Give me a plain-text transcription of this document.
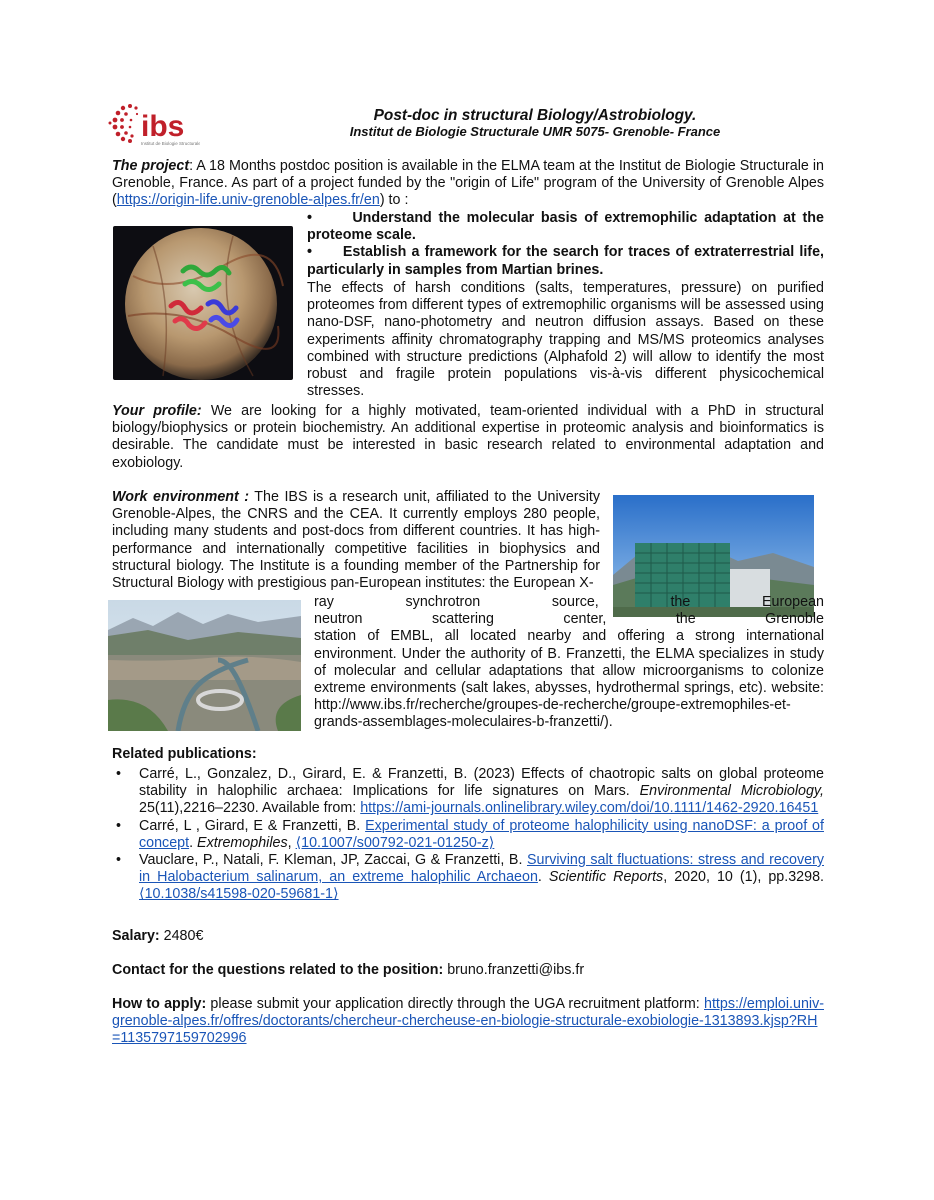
ibs
Institut de Biologie Structurale
Post-doc in structural Biology/Astrobiology.
Institut de Biologie Structurale UMR 5075- Grenoble- France
The project: A 18 Months postdoc position is available in the ELMA team at the Institut de Biologie Structurale in Grenoble, France. As part of a project funded by the "origin of Life" program of the University of Grenoble Alpes (https://origin-life.univ-grenoble-alpes.fr/en) to :
•	Understand the molecular basis of extremophilic adaptation at the proteome scale.
• Establish a framework for the search for traces of extraterrestrial life, particularly in samples from Martian brines.
The effects of harsh conditions (salts, temperatures, pressure) on purified proteomes from different types of extremophilic organisms will be assessed using nano-DSF, nano-photometry and neutron diffusion assays. Based on these experiments affinity chromatography trapping and MS/MS proteomics analyses combined with structure predictions (Alphafold 2) will allow to identify the most robust and fragile protein populations vis-à-vis different physicochemical stresses.
Your profile: We are looking for a highly motivated, team-oriented individual with a PhD in structural biology/biophysics or protein biochemistry. An additional expertise in proteomic analysis and bioinformatics is desirable. The candidate must be interested in basic research related to environmental adaptation and exobiology.
Work environment : The IBS is a research unit, affiliated to the University Grenoble-Alpes, the CNRS and the CEA. It currently employs 280 people, including many students and post-docs from different countries. It has high-performance and internationally competitive facilities in biophysics and structural biology. The Institute is a founding member of the Partnership for Structural Biology with prestigious pan-European institutes: the European X-
ray synchrotron source, the European
neutron scattering center, the Grenoble
station of EMBL, all located nearby and offering a strong international
environment. Under the authority of B. Franzetti, the ELMA specializes in study
of molecular and cellular adaptations that allow microorganisms to colonize
extreme environments (salt lakes, abysses, hydrothermal springs, etc). website:
http://www.ibs.fr/recherche/groupes-de-recherche/groupe-extremophiles-et-
grands-assemblages-moleculaires-b-franzetti/).
Related publications:
• Carré, L., Gonzalez, D., Girard, E. & Franzetti, B. (2023) Effects of chaotropic salts on global proteome stability in halophilic archaea: Implications for life signatures on Mars. Environmental Microbiology, 25(11),2216–2230. Available from: https://ami-journals.onlinelibrary.wiley.com/doi/10.1111/1462-2920.16451
• Carré, L , Girard, E & Franzetti, B. Experimental study of proteome halophilicity using nanoDSF: a proof of concept. Extremophiles, ⟨10.1007/s00792-021-01250-z⟩
• Vauclare, P., Natali, F. Kleman, JP, Zaccai, G & Franzetti, B. Surviving salt fluctuations: stress and recovery in Halobacterium salinarum, an extreme halophilic Archaeon. Scientific Reports, 2020, 10 (1), pp.3298. ⟨10.1038/s41598-020-59681-1⟩
Salary: 2480€
Contact for the questions related to the position: bruno.franzetti@ibs.fr
How to apply: please submit your application directly through the UGA recruitment platform: https://emploi.univ-grenoble-alpes.fr/offres/doctorants/chercheur-chercheuse-en-biologie-structurale-exobiologie-1313893.kjsp?RH=1135797159702996
